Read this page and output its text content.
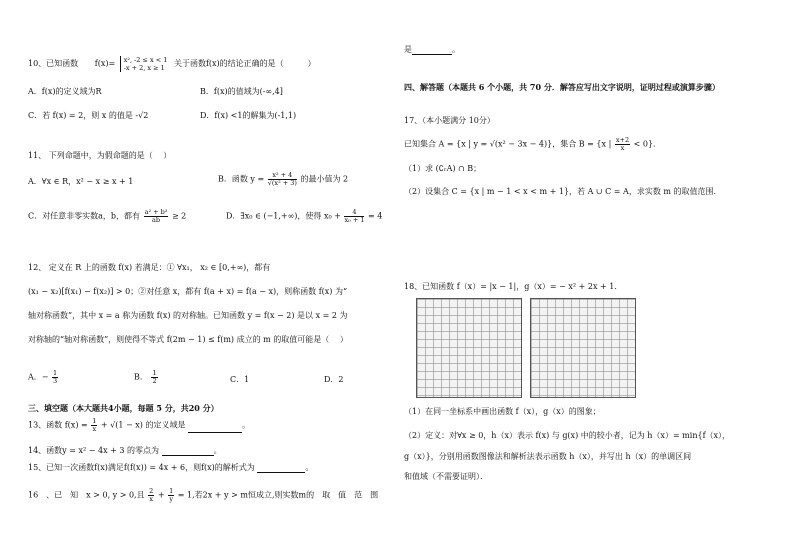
10、已知函数 f(x)= x², -2 ≤ x < 1
-x + 2, x ≥ 1	关于函数f(x)的结论正确的是（　　　）
A．f(x)的定义域为R	B．f(x)的值域为(-∞,4]
C．若 f(x) = 2，则 x 的值是 -√2	D．f(x) <1的解集为(-1,1)
11、 下列命题中，为假命题的是（　 ）
A．∀x ∈ R，x² − x ≥ x + 1	B．函数 $y = \frac{\text{x² + 4}}{\text{√(x² + 3)}}$ 的最小值为 2
C．对任意非零实数a，b，都有 $\frac{\text{a² + b²}}{ab} \ge 2$	D．∃x₀ ∈ (−1,+∞)，使得 $x_0 + \frac{4}{\text{x₀ + 1}} = 4$
12、 定义在 R 上的函数 f(x) 若满足：① ∀x₁， x₂ ∈ [0,+∞)，都有
(x₁ − x₂)[f(x₁) − f(x₂)] > 0；②对任意 x，都有 f(a + x) = f(a − x)，则称函数 f(x) 为“
轴对称函数”，其中 x = a 称为函数 f(x) 的对称轴。已知函数 y = f(x − 2) 是以 x = 2 为
对称轴的“轴对称函数”，则使得不等式 f(2m − 1) ≤ f(m) 成立的 m 的取值可能是（　 ）
A．− $\frac{1}{3}$	B． $\frac{1}{2}$	C．1	D．2
三、填空题（本大题共4小题，每题 5 分，共20 分）
13、函数 $f(x) = \frac{1}{x} + √(1 - x)$ 的定义域是	。
14、函数y = x² − 4x + 3 的零点为	。
15、已知一次函数f(x)满足f(f(x)) = 4x + 6，则f(x)的解析式为	。
16　、已　知　x > 0, y > 0,且 $\frac{2}{x} + \frac{1}{y} = 1$,若2x + y > m恒成立,则实数m的　取　值　范　围
是	。
四、解答题（本题共 6 个小题，共 70 分．解答应写出文字说明，证明过程或演算步骤）
17、（本小题满分 10分）
已知集合 A = {x | y = √(x² − 3x − 4)}，集合 B = {x | $\frac{x+2}{x} < 0$}．
（1）求 (∁ᵣA) ∩ B；
（2）设集合 C = {x | m − 1 < x < m + 1}，若 A ∪ C = A，求实数 m 的取值范围.
18、已知函数 f（x）= |x − 1|，g（x）= − x² + 2x + 1．
（1）在同一坐标系中画出函数 f（x），g（x）的图象；
（2）定义：对∀x ≥ 0，h（x）表示 f(x) 与 g(x) 中的较小者，记为 h（x）= min{f（x），
g（x）}，分别用函数图像法和解析法表示函数 h（x），并写出 h（x）的单调区间
和值域（不需要证明）．
